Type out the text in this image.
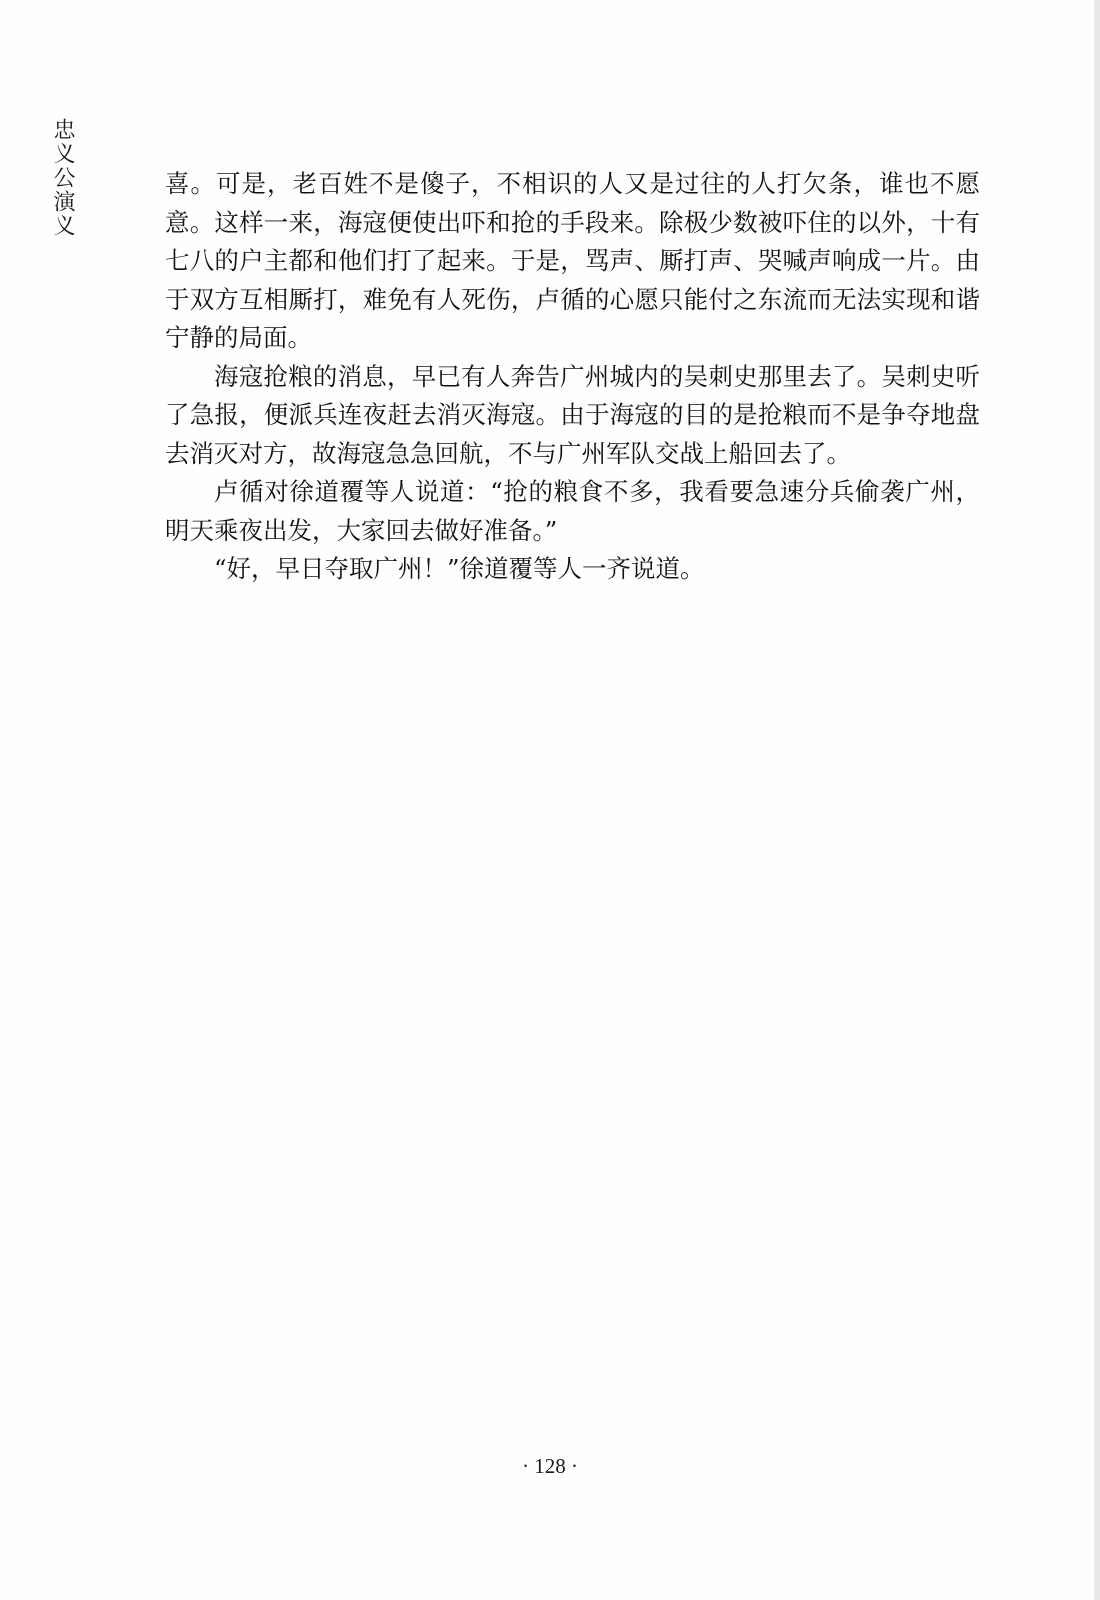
忠义公演义	喜。可是，老百姓不是傻子，不相识的人又是过往的人打欠条，谁也不愿意。这样一来，海寇便使出吓和抢的手段来。除极少数被吓住的以外，十有七八的户主都和他们打了起来。于是，骂声、厮打声、哭喊声响成一片。由于双方互相厮打，难免有人死伤，卢循的心愿只能付之东流而无法实现和谐宁静的局面。

海寇抢粮的消息，早已有人奔告广州城内的吴刺史那里去了。吴刺史听了急报，便派兵连夜赶去消灭海寇。由于海寇的目的是抢粮而不是争夺地盘去消灭对方，故海寇急急回航，不与广州军队交战上船回去了。

卢循对徐道覆等人说道：“抢的粮食不多，我看要急速分兵偷袭广州，明天乘夜出发，大家回去做好准备。”

“好，早日夺取广州！”徐道覆等人一齐说道。

· 128 ·
